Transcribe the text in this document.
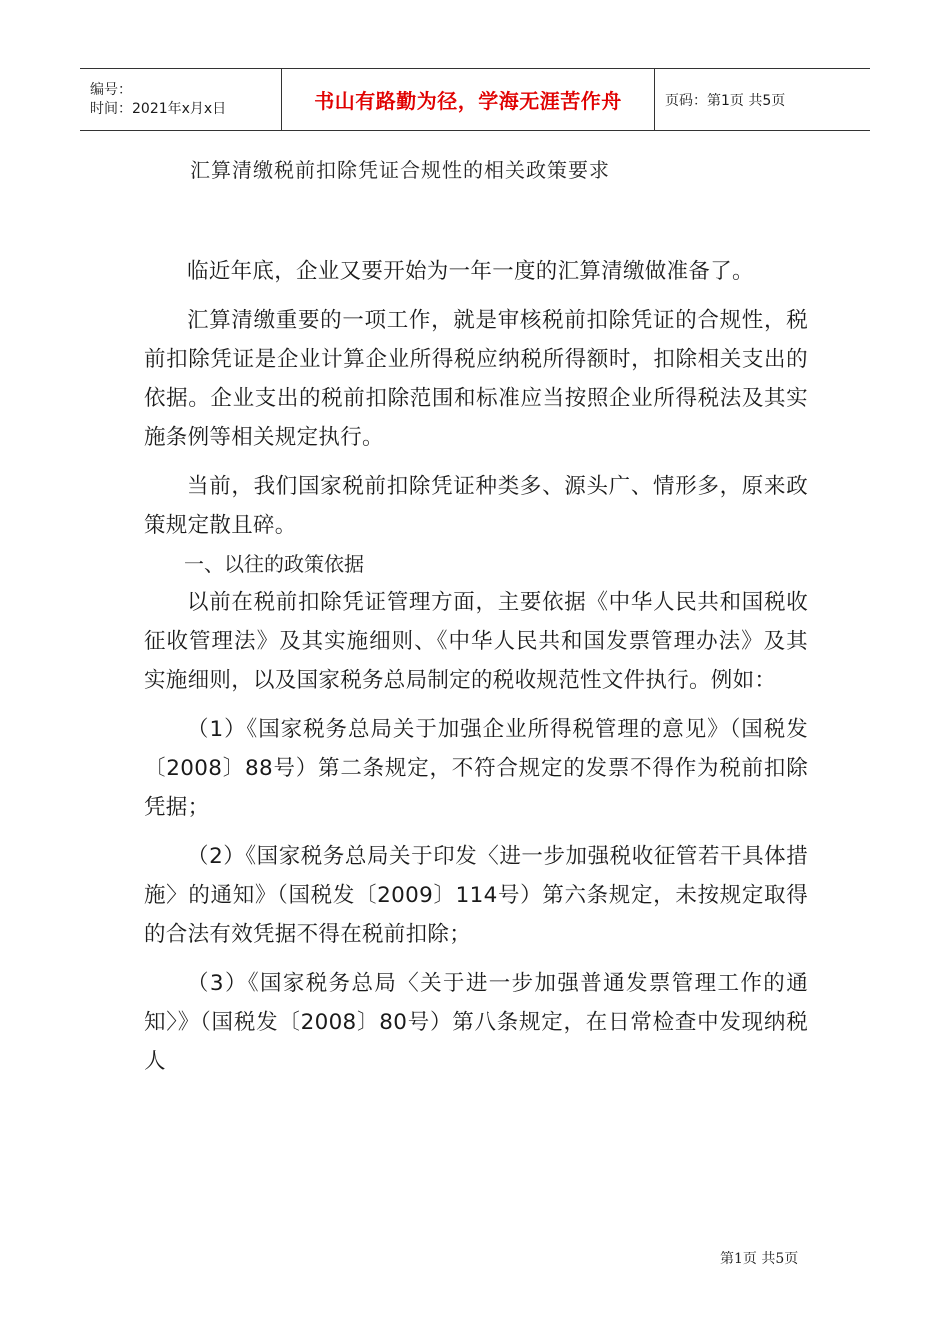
编号：
时间：2021年x月x日	书山有路勤为径，学海无涯苦作舟	页码：第1页 共5页
汇算清缴税前扣除凭证合规性的相关政策要求

临近年底，企业又要开始为一年一度的汇算清缴做准备了。

汇算清缴重要的一项工作，就是审核税前扣除凭证的合规性，税前扣除凭证是企业计算企业所得税应纳税所得额时，扣除相关支出的依据。企业支出的税前扣除范围和标准应当按照企业所得税法及其实施条例等相关规定执行。

当前，我们国家税前扣除凭证种类多、源头广、情形多，原来政策规定散且碎。

一、以往的政策依据

以前在税前扣除凭证管理方面，主要依据《中华人民共和国税收征收管理法》及其实施细则、《中华人民共和国发票管理办法》及其实施细则，以及国家税务总局制定的税收规范性文件执行。例如：

（1）《国家税务总局关于加强企业所得税管理的意见》（国税发〔2008〕88号）第二条规定，不符合规定的发票不得作为税前扣除凭据；

（2）《国家税务总局关于印发〈进一步加强税收征管若干具体措施〉的通知》（国税发〔2009〕114号）第六条规定，未按规定取得的合法有效凭据不得在税前扣除；

（3）《国家税务总局〈关于进一步加强普通发票管理工作的通知〉》（国税发〔2008〕80号）第八条规定，在日常检查中发现纳税人

第1页 共5页
